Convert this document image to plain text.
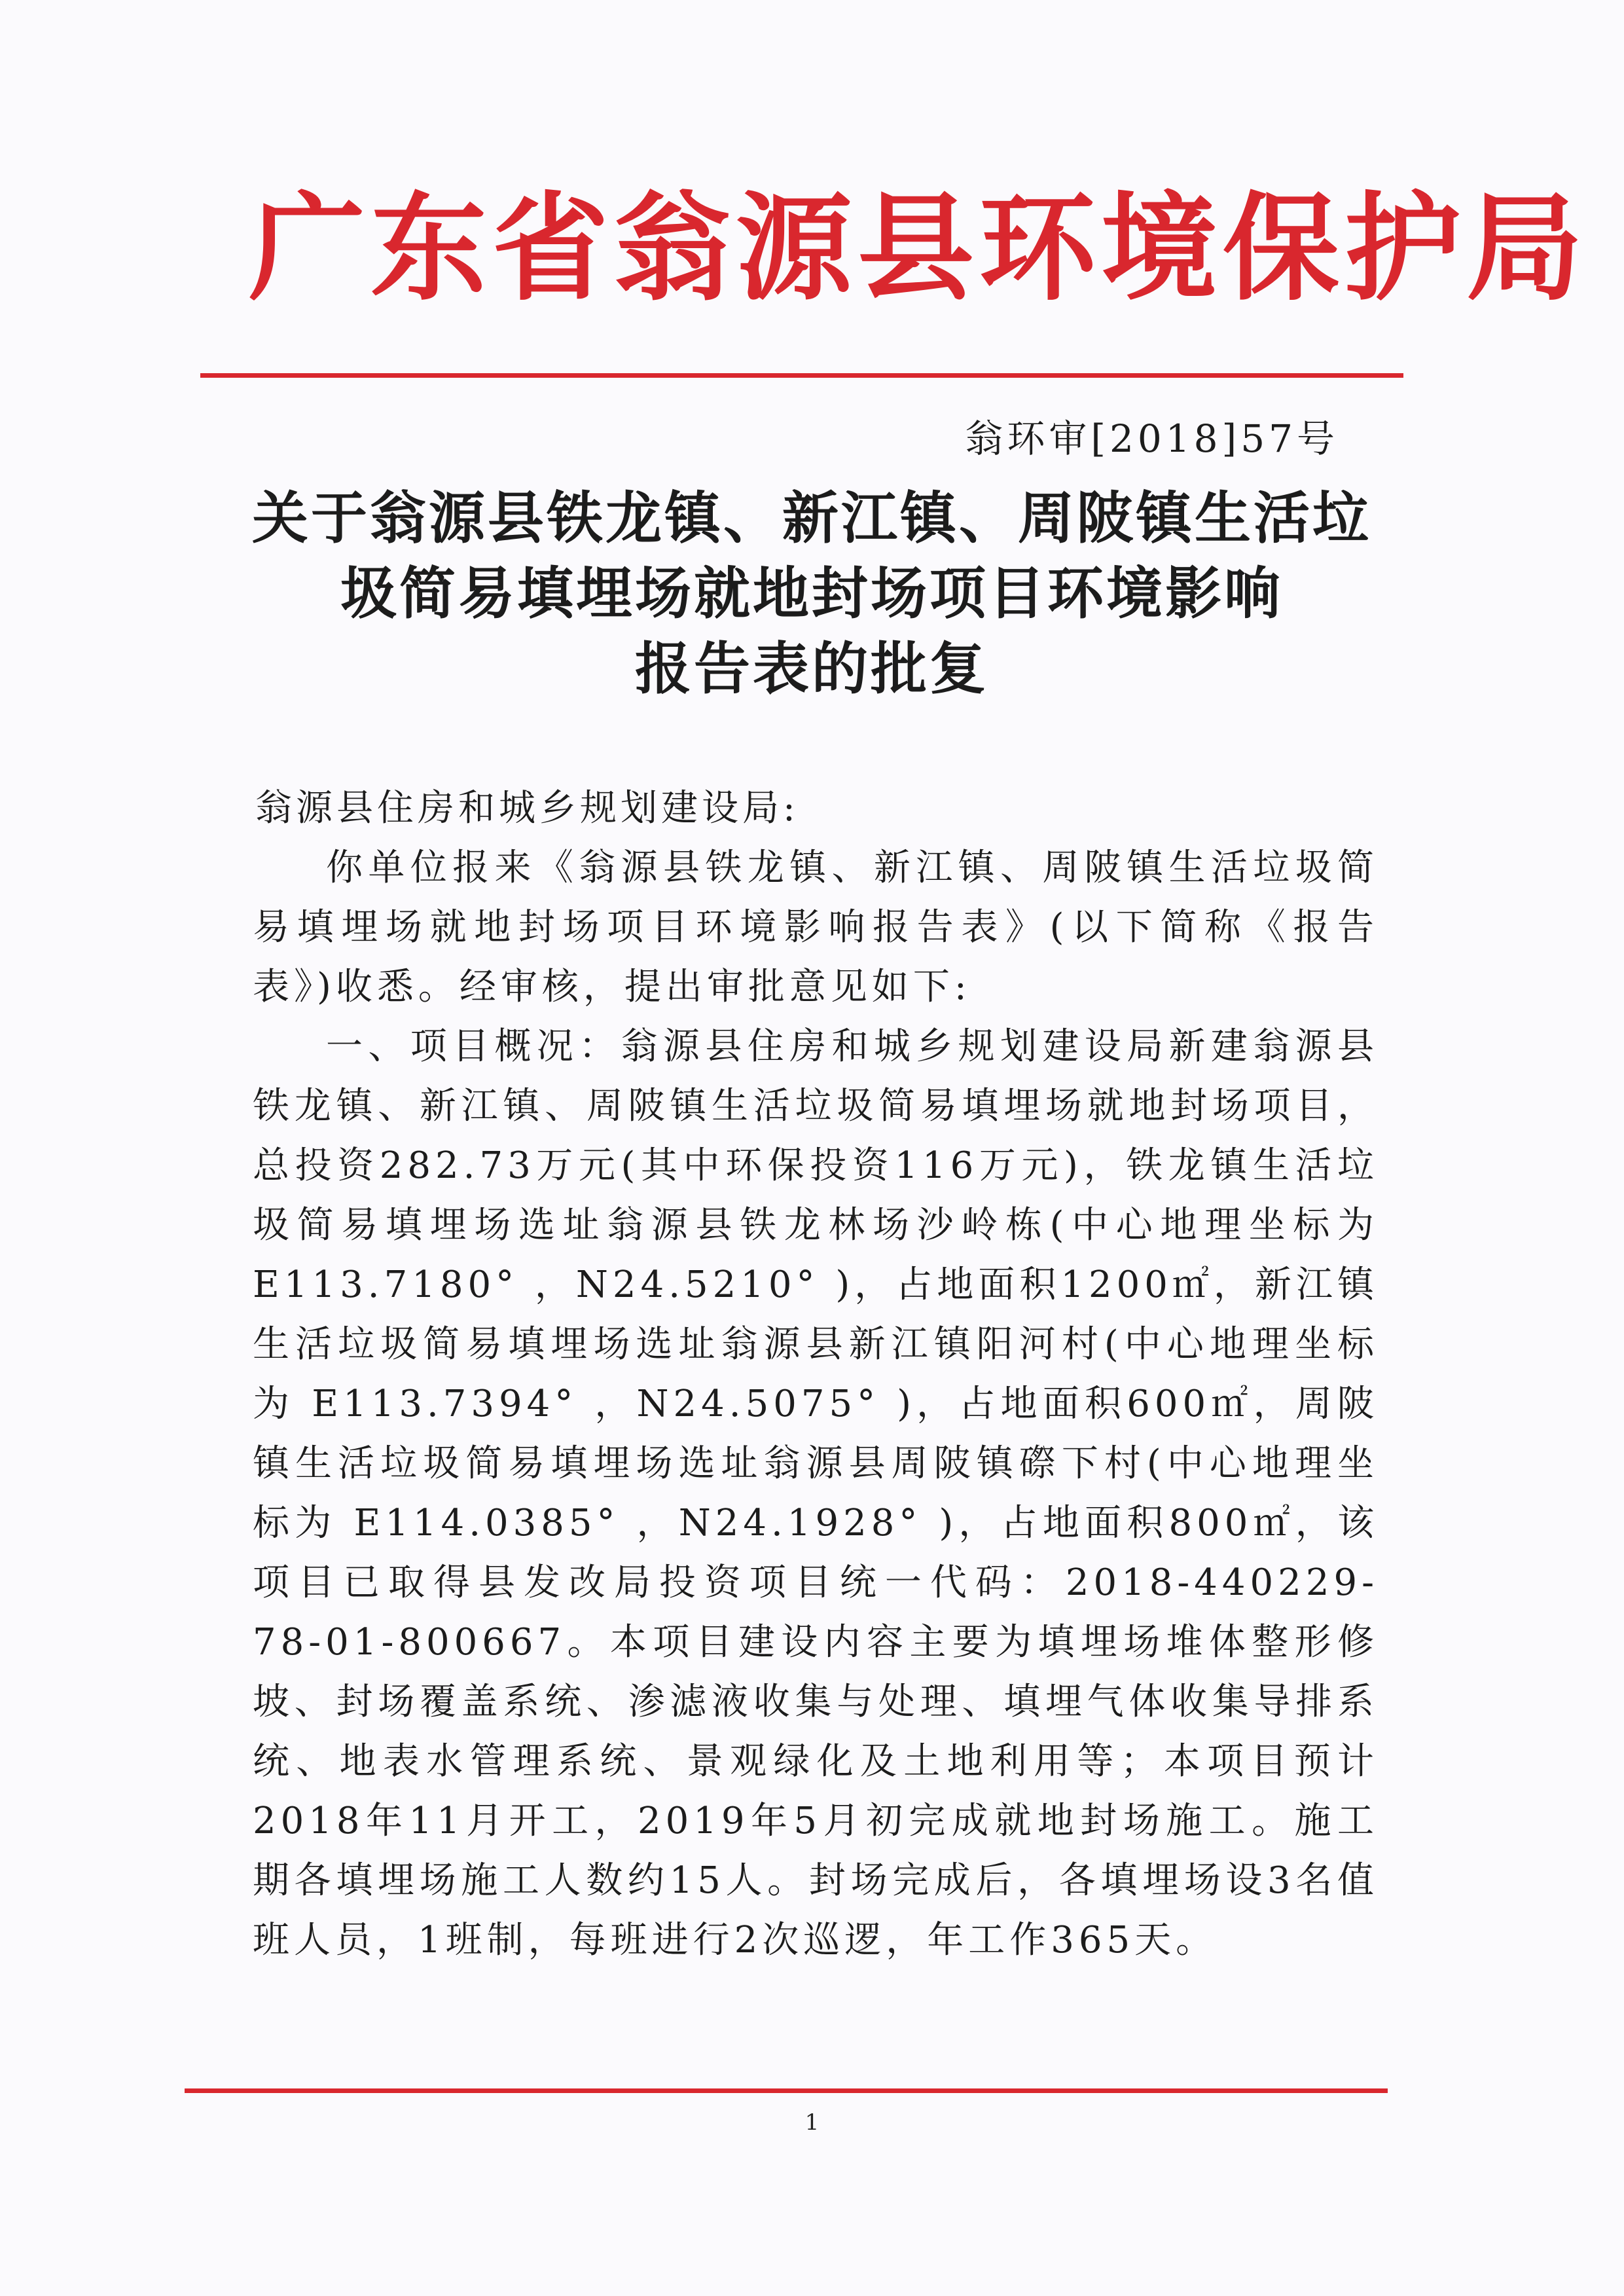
广东省翁源县环境保护局
翁环审[2018]57号
关于翁源县铁龙镇、新江镇、周陂镇生活垃
圾简易填埋场就地封场项目环境影响
报告表的批复
翁源县住房和城乡规划建设局:

你单位报来《翁源县铁龙镇、新江镇、周陂镇生活垃圾简易填埋场就地封场项目环境影响报告表》(以下简称《报告表》)收悉。经审核，提出审批意见如下:

一、项目概况：翁源县住房和城乡规划建设局新建翁源县铁龙镇、新江镇、周陂镇生活垃圾简易填埋场就地封场项目，总投资282.73万元(其中环保投资116万元)，铁龙镇生活垃圾简易填埋场选址翁源县铁龙林场沙岭栋(中心地理坐标为 E113.7180° ，N24.5210° )，占地面积1200㎡，新江镇生活垃圾简易填埋场选址翁源县新江镇阳河村(中心地理坐标为 E113.7394° ，N24.5075° )，占地面积600㎡，周陂镇生活垃圾简易填埋场选址翁源县周陂镇磜下村(中心地理坐标为 E114.0385° ，N24.1928° )，占地面积800㎡，该项目已取得县发改局投资项目统一代码：2018-440229-78-01-800667。本项目建设内容主要为填埋场堆体整形修坡、封场覆盖系统、渗滤液收集与处理、填埋气体收集导排系统、地表水管理系统、景观绿化及土地利用等；本项目预计2018年11月开工，2019年5月初完成就地封场施工。施工期各填埋场施工人数约15人。封场完成后，各填埋场设3名值班人员，1班制，每班进行2次巡逻，年工作365天。

1
